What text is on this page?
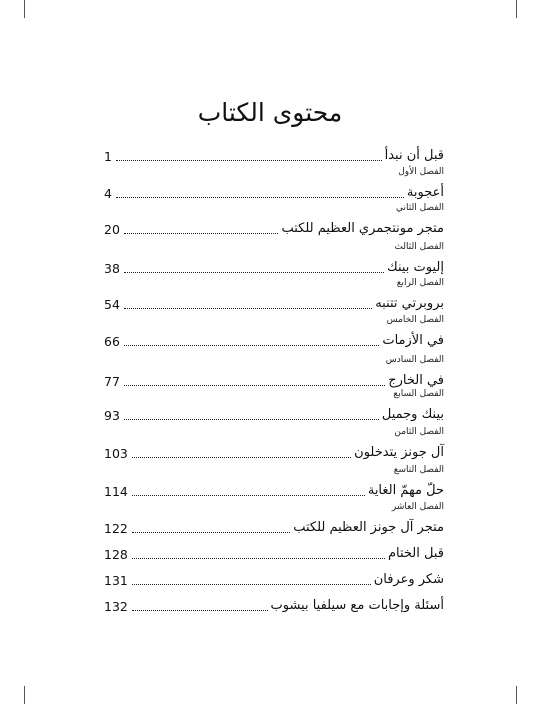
محتوى الكتاب
1	قبل أن نبدأ
الفصل الأول
4	أعجوبة
الفصل الثاني
20	متجر مونتجمري العظيم للكتب
الفصل الثالث
38	إليوت بينك
الفصل الرابع
54	بروبرتي تتنبه
الفصل الخامس
66	في الأزمات
الفصل السادس
77	في الخارج
الفصل السابع
93	بينك وجميل
الفصل الثامن
103	آل جونز يتدخلون
الفصل التاسع
114	حلّ مهمّ الغاية
الفصل العاشر
122	متجر آل جونز العظيم للكتب
128	قبل الختام
131	شكر وعرفان
132	أسئلة وإجابات مع سيلفيا بيشوب
